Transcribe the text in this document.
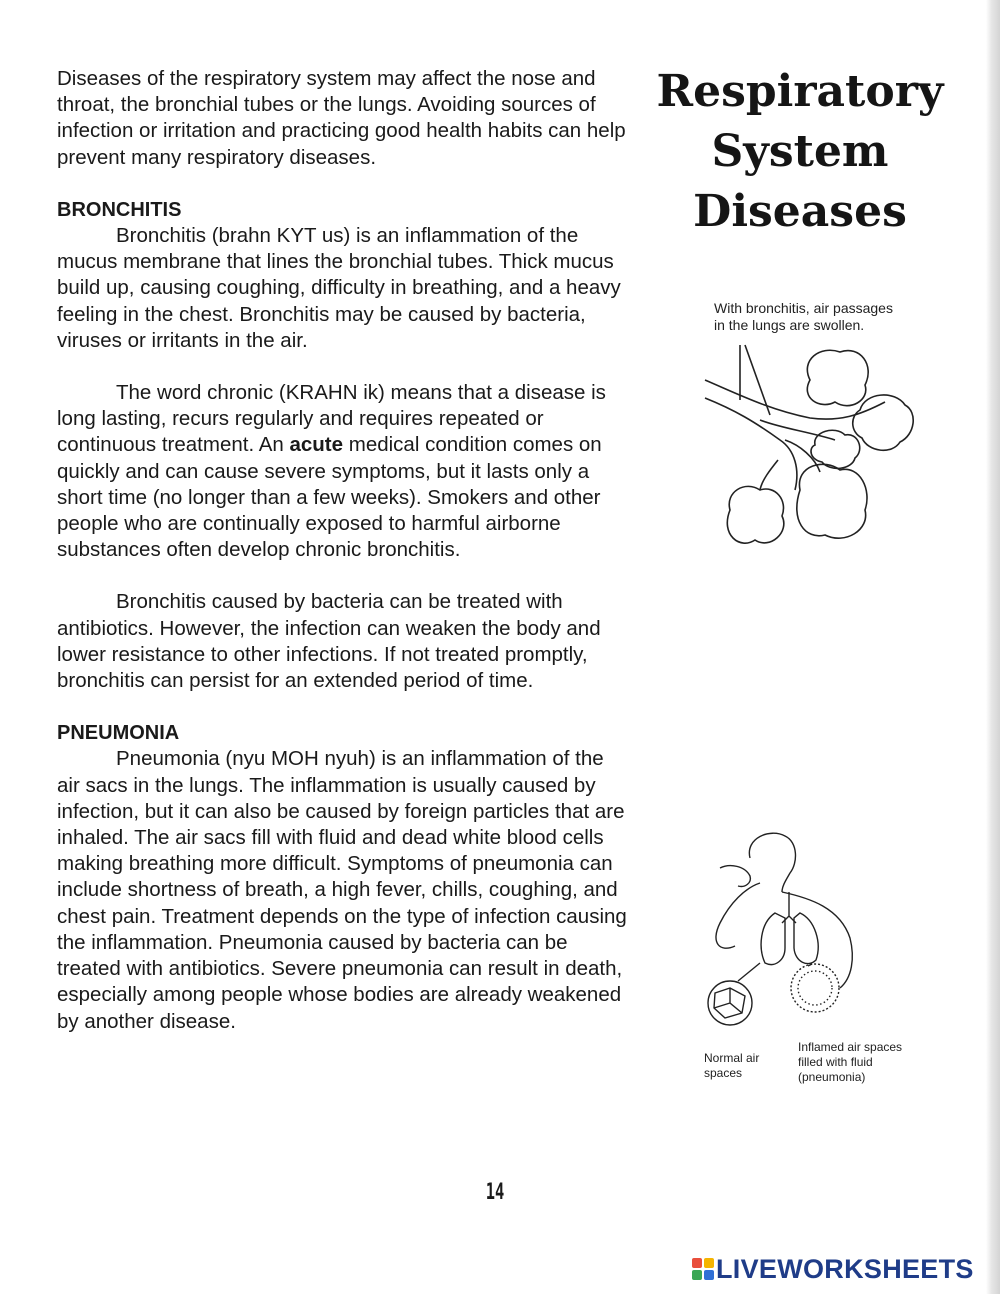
Diseases of the respiratory system may affect the nose and throat, the bronchial tubes or the lungs. Avoiding sources of infection or irritation and practicing good health habits can help prevent many respiratory diseases.

BRONCHITIS

Bronchitis (brahn KYT us) is an inflammation of the mucus membrane that lines the bronchial tubes. Thick mucus build up, causing coughing, difficulty in breathing, and a heavy feeling in the chest. Bronchitis may be caused by bacteria, viruses or irritants in the air.

The word chronic (KRAHN ik) means that a disease is long lasting, recurs regularly and requires repeated or continuous treatment. An acute medical condition comes on quickly and can cause severe symptoms, but it lasts only a short time (no longer than a few weeks). Smokers and other people who are continually exposed to harmful airborne substances often develop chronic bronchitis.

Bronchitis caused by bacteria can be treated with antibiotics. However, the infection can weaken the body and lower resistance to other infections. If not treated promptly, bronchitis can persist for an extended period of time.

PNEUMONIA

Pneumonia (nyu MOH nyuh) is an inflammation of the air sacs in the lungs. The inflammation is usually caused by infection, but it can also be caused by foreign particles that are inhaled. The air sacs fill with fluid and dead white blood cells making breathing more difficult. Symptoms of pneumonia can include shortness of breath, a high fever, chills, coughing, and chest pain. Treatment depends on the type of infection causing the inflammation. Pneumonia caused by bacteria can be treated with antibiotics. Severe pneumonia can result in death, especially among people whose bodies are already weakened by another disease.

Respiratory
System
Diseases
With bronchitis, air passages in the lungs are swollen.
Normal air spaces
Inflamed air spaces filled with fluid (pneumonia)
14
LIVEWORKSHEETS
